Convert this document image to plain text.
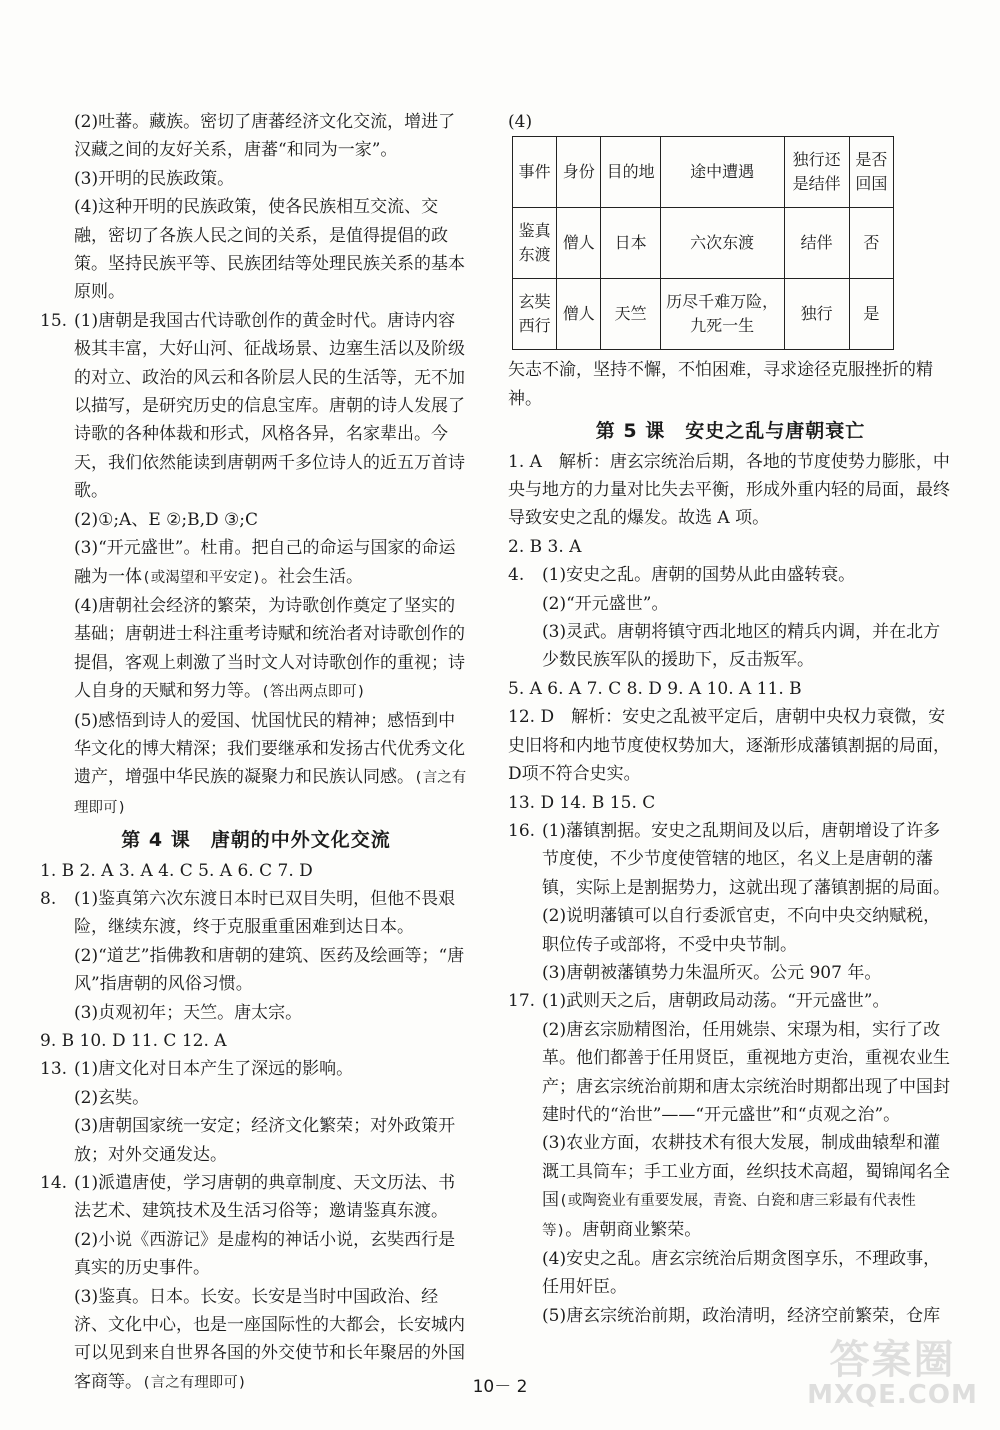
(2)吐蕃。藏族。密切了唐蕃经济文化交流，增进了汉藏之间的友好关系，唐蕃“和同为一家”。
(3)开明的民族政策。
(4)这种开明的民族政策，使各民族相互交流、交融，密切了各族人民之间的关系，是值得提倡的政策。坚持民族平等、民族团结等处理民族关系的基本原则。
15. (1)唐朝是我国古代诗歌创作的黄金时代。唐诗内容极其丰富，大好山河、征战场景、边塞生活以及阶级的对立、政治的风云和各阶层人民的生活等，无不加以描写，是研究历史的信息宝库。唐朝的诗人发展了诗歌的各种体裁和形式，风格各异，名家辈出。今天，我们依然能读到唐朝两千多位诗人的近五万首诗歌。
(2)①;A、E ②;B,D ③;C
(3)“开元盛世”。杜甫。把自己的命运与国家的命运融为一体(或渴望和平安定)。社会生活。
(4)唐朝社会经济的繁荣，为诗歌创作奠定了坚实的基础；唐朝进士科注重考诗赋和统治者对诗歌创作的提倡，客观上刺激了当时文人对诗歌创作的重视；诗人自身的天赋和努力等。(答出两点即可)
(5)感悟到诗人的爱国、忧国忧民的精神；感悟到中华文化的博大精深；我们要继承和发扬古代优秀文化遗产，增强中华民族的凝聚力和民族认同感。(言之有理即可)
第 4 课　唐朝的中外文化交流
1. B 2. A 3. A 4. C 5. A 6. C 7. D
8. (1)鉴真第六次东渡日本时已双目失明，但他不畏艰险，继续东渡，终于克服重重困难到达日本。
(2)“道艺”指佛教和唐朝的建筑、医药及绘画等；“唐风”指唐朝的风俗习惯。
(3)贞观初年；天竺。唐太宗。
9. B 10. D 11. C 12. A
13. (1)唐文化对日本产生了深远的影响。
(2)玄奘。
(3)唐朝国家统一安定；经济文化繁荣；对外政策开放；对外交通发达。
14. (1)派遣唐使，学习唐朝的典章制度、天文历法、书法艺术、建筑技术及生活习俗等；邀请鉴真东渡。
(2)小说《西游记》是虚构的神话小说，玄奘西行是真实的历史事件。
(3)鉴真。日本。长安。长安是当时中国政治、经济、文化中心，也是一座国际性的大都会，长安城内可以见到来自世界各国的外交使节和长年聚居的外国客商等。(言之有理即可)
(4)
事件	身份	目的地	途中遭遇	独行还是结伴	是否回国
鉴真东渡	僧人	日本	六次东渡	结伴	否
玄奘西行	僧人	天竺	历尽千难万险，九死一生	独行	是
矢志不渝，坚持不懈，不怕困难，寻求途径克服挫折的精神。
第 5 课　安史之乱与唐朝衰亡
1. A　解析：唐玄宗统治后期，各地的节度使势力膨胀，中央与地方的力量对比失去平衡，形成外重内轻的局面，最终导致安史之乱的爆发。故选 A 项。
2. B 3. A
4. (1)安史之乱。唐朝的国势从此由盛转衰。
(2)“开元盛世”。
(3)灵武。唐朝将镇守西北地区的精兵内调，并在北方少数民族军队的援助下，反击叛军。
5. A 6. A 7. C 8. D 9. A 10. A 11. B
12. D　解析：安史之乱被平定后，唐朝中央权力衰微，安史旧将和内地节度使权势加大，逐渐形成藩镇割据的局面，D项不符合史实。
13. D 14. B 15. C
16. (1)藩镇割据。安史之乱期间及以后，唐朝增设了许多节度使，不少节度使管辖的地区，名义上是唐朝的藩镇，实际上是割据势力，这就出现了藩镇割据的局面。
(2)说明藩镇可以自行委派官吏，不向中央交纳赋税，职位传子或部将，不受中央节制。
(3)唐朝被藩镇势力朱温所灭。公元 907 年。
17. (1)武则天之后，唐朝政局动荡。“开元盛世”。
(2)唐玄宗励精图治，任用姚崇、宋璟为相，实行了改革。他们都善于任用贤臣，重视地方吏治，重视农业生产；唐玄宗统治前期和唐太宗统治时期都出现了中国封建时代的“治世”——“开元盛世”和“贞观之治”。
(3)农业方面，农耕技术有很大发展，制成曲辕犁和灌溉工具筒车；手工业方面，丝织技术高超，蜀锦闻名全国(或陶瓷业有重要发展，青瓷、白瓷和唐三彩最有代表性等)。唐朝商业繁荣。
(4)安史之乱。唐玄宗统治后期贪图享乐，不理政事，任用奸臣。
(5)唐玄宗统治前期，政治清明，经济空前繁荣，仓库
10－ 2
答案圈
MXQE.COM
